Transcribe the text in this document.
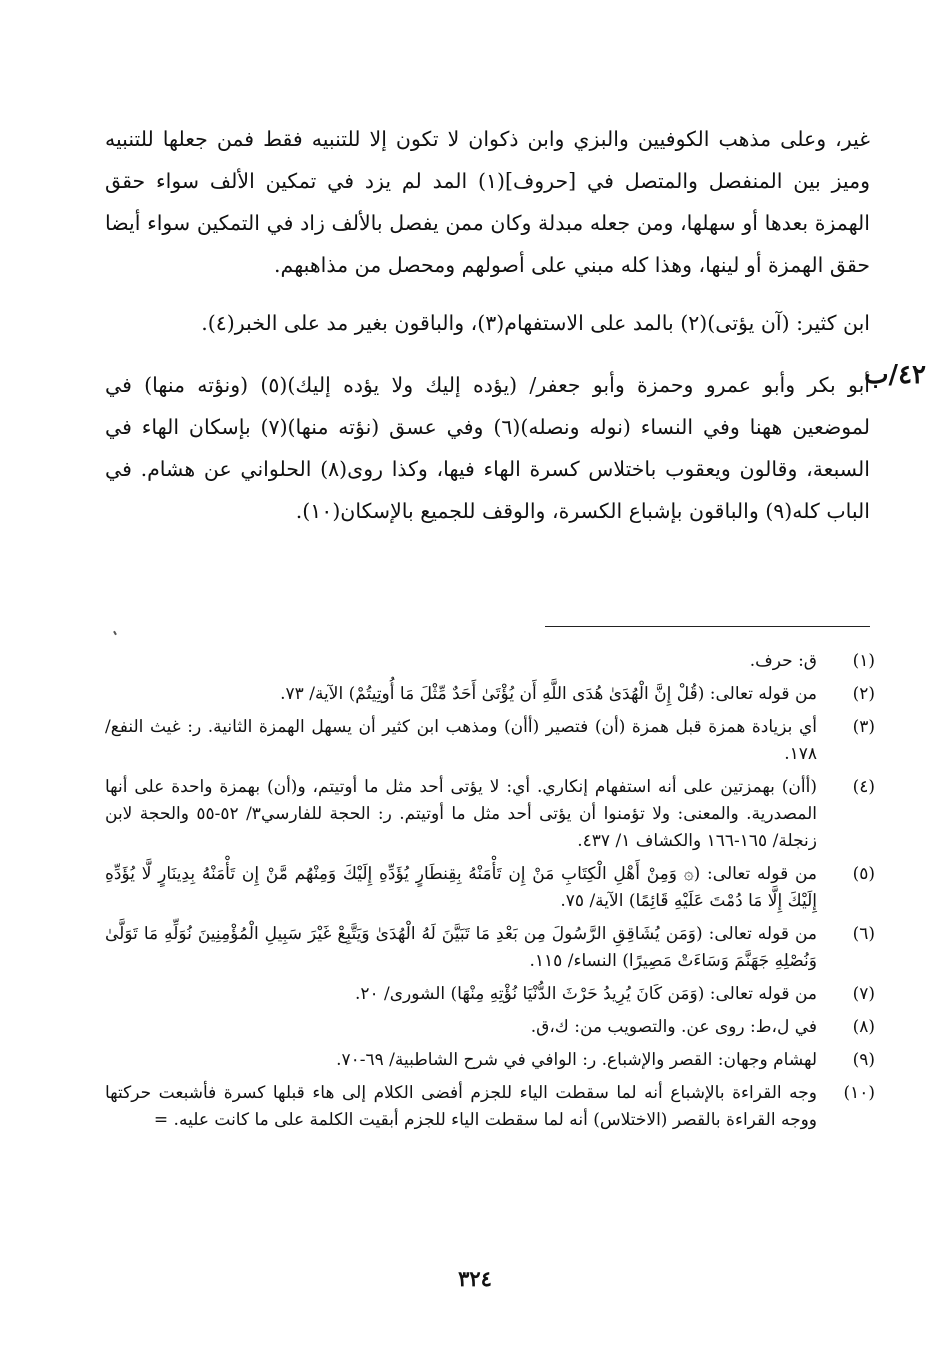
غير، وعلى مذهب الكوفيين والبزي وابن ذكوان لا تكون إلا للتنبيه فقط فمن جعلها للتنبيه وميز بين المنفصل والمتصل في [حروف](١) المد لم يزد في تمكين الألف سواء حقق الهمزة بعدها أو سهلها، ومن جعله مبدلة وكان ممن يفصل بالألف زاد في التمكين سواء أيضا حقق الهمزة أو لينها، وهذا كله مبني على أصولهم ومحصل من مذاهبهم.

ابن كثير: (آن يؤتى)(٢) بالمد على الاستفهام(٣)، والباقون بغير مد على الخبر(٤).

أبو بكر وأبو عمرو وحمزة وأبو جعفر/ (يؤده إليك ولا يؤده إليك)(٥) (ونؤته منها) في لموضعين ههنا وفي النساء (نوله ونصله)(٦) وفي عسق (نؤته منها)(٧) بإسكان الهاء في السبعة، وقالون ويعقوب باختلاس كسرة الهاء فيها، وكذا روى(٨) الحلواني عن هشام. في الباب كله(٩) والباقون بإشباع الكسرة، والوقف للجميع بالإسكان(١٠).

٤٢/ب
(١)
ق: حرف.
(٢)
من قوله تعالى: (قُلْ إِنَّ الْهُدَىٰ هُدَى اللَّهِ أَن يُؤْتَىٰ أَحَدٌ مِّثْلَ مَا أُوتِيتُمْ) الآية/ ٧٣.
(٣)
أي بزيادة همزة قبل همزة (أن) فتصير (أأن) ومذهب ابن كثير أن يسهل الهمزة الثانية. ر: غيث النفع/١٧٨.
(٤)
(أأن) بهمزتين على أنه استفهام إنكاري. أي: لا يؤتى أحد مثل ما أوتيتم، و(أن) بهمزة واحدة على أنها المصدرية. والمعنى: ولا تؤمنوا أن يؤتى أحد مثل ما أوتيتم. ر: الحجة للفارسي٣/ ٥٢-٥٥ والحجة لابن زنجلة/ ١٦٥-١٦٦ والكشاف ١/ ٤٣٧.
(٥)
من قوله تعالى: (۞ وَمِنْ أَهْلِ الْكِتَابِ مَنْ إِن تَأْمَنْهُ بِقِنطَارٍ يُؤَدِّهِ إِلَيْكَ وَمِنْهُم مَّنْ إِن تَأْمَنْهُ بِدِينَارٍ لَّا يُؤَدِّهِ إِلَيْكَ إِلَّا مَا دُمْتَ عَلَيْهِ قَائِمًا) الآية/ ٧٥.
(٦)
من قوله تعالى: (وَمَن يُشَاقِقِ الرَّسُولَ مِن بَعْدِ مَا تَبَيَّنَ لَهُ الْهُدَىٰ وَيَتَّبِعْ غَيْرَ سَبِيلِ الْمُؤْمِنِينَ نُوَلِّهِ مَا تَوَلَّىٰ وَنُصْلِهِ جَهَنَّمَ وَسَاءَتْ مَصِيرًا) النساء/ ١١٥.
(٧)
من قوله تعالى: (وَمَن كَانَ يُرِيدُ حَرْثَ الدُّنْيَا نُؤْتِهِ مِنْهَا) الشورى/ ٢٠.
(٨)
في ل،ط: روى عن. والتصويب من: ك،ق.
(٩)
لهشام وجهان: القصر والإشباع. ر: الوافي في شرح الشاطبية/ ٦٩-٧٠.
(١٠)
وجه القراءة بالإشباع أنه لما سقطت الياء للجزم أفضى الكلام إلى هاء قبلها كسرة فأشبعت حركتها ووجه القراءة بالقصر (الاختلاس) أنه لما سقطت الياء للجزم أبقيت الكلمة على ما كانت عليه. =
٣٢٤
